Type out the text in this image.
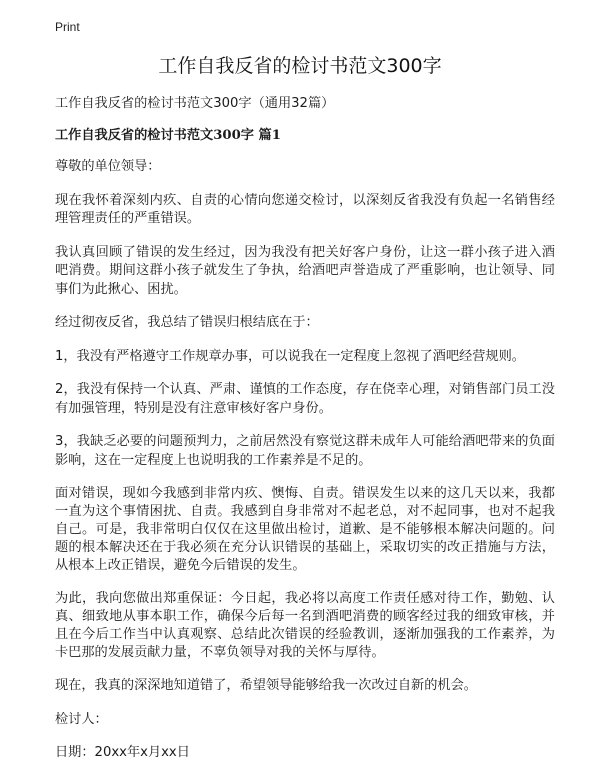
Print
工作自我反省的检讨书范文300字

工作自我反省的检讨书范文300字（通用32篇）

工作自我反省的检讨书范文300字 篇1

尊敬的单位领导：

现在我怀着深刻内疚、自责的心情向您递交检讨，以深刻反省我没有负起一名销售经理管理责任的严重错误。

我认真回顾了错误的发生经过，因为我没有把关好客户身份，让这一群小孩子进入酒吧消费。期间这群小孩子就发生了争执，给酒吧声誉造成了严重影响，也让领导、同事们为此揪心、困扰。

经过彻夜反省，我总结了错误归根结底在于：

1，我没有严格遵守工作规章办事，可以说我在一定程度上忽视了酒吧经营规则。

2，我没有保持一个认真、严肃、谨慎的工作态度，存在侥幸心理，对销售部门员工没有加强管理，特别是没有注意审核好客户身份。

3，我缺乏必要的问题预判力，之前居然没有察觉这群未成年人可能给酒吧带来的负面影响，这在一定程度上也说明我的工作素养是不足的。

面对错误，现如今我感到非常内疚、懊悔、自责。错误发生以来的这几天以来，我都一直为这个事情困扰、自责。我感到自身非常对不起老总，对不起同事，也对不起我自己。可是，我非常明白仅仅在这里做出检讨，道歉、是不能够根本解决问题的。问题的根本解决还在于我必须在充分认识错误的基础上，采取切实的改正措施与方法，从根本上改正错误，避免今后错误的发生。

为此，我向您做出郑重保证：今日起，我必将以高度工作责任感对待工作，勤勉、认真、细致地从事本职工作，确保今后每一名到酒吧消费的顾客经过我的细致审核，并且在今后工作当中认真观察、总结此次错误的经验教训，逐渐加强我的工作素养，为卡巴那的发展贡献力量，不辜负领导对我的关怀与厚待。

现在，我真的深深地知道错了，希望领导能够给我一次改过自新的机会。

检讨人：

日期：20xx年x月xx日
